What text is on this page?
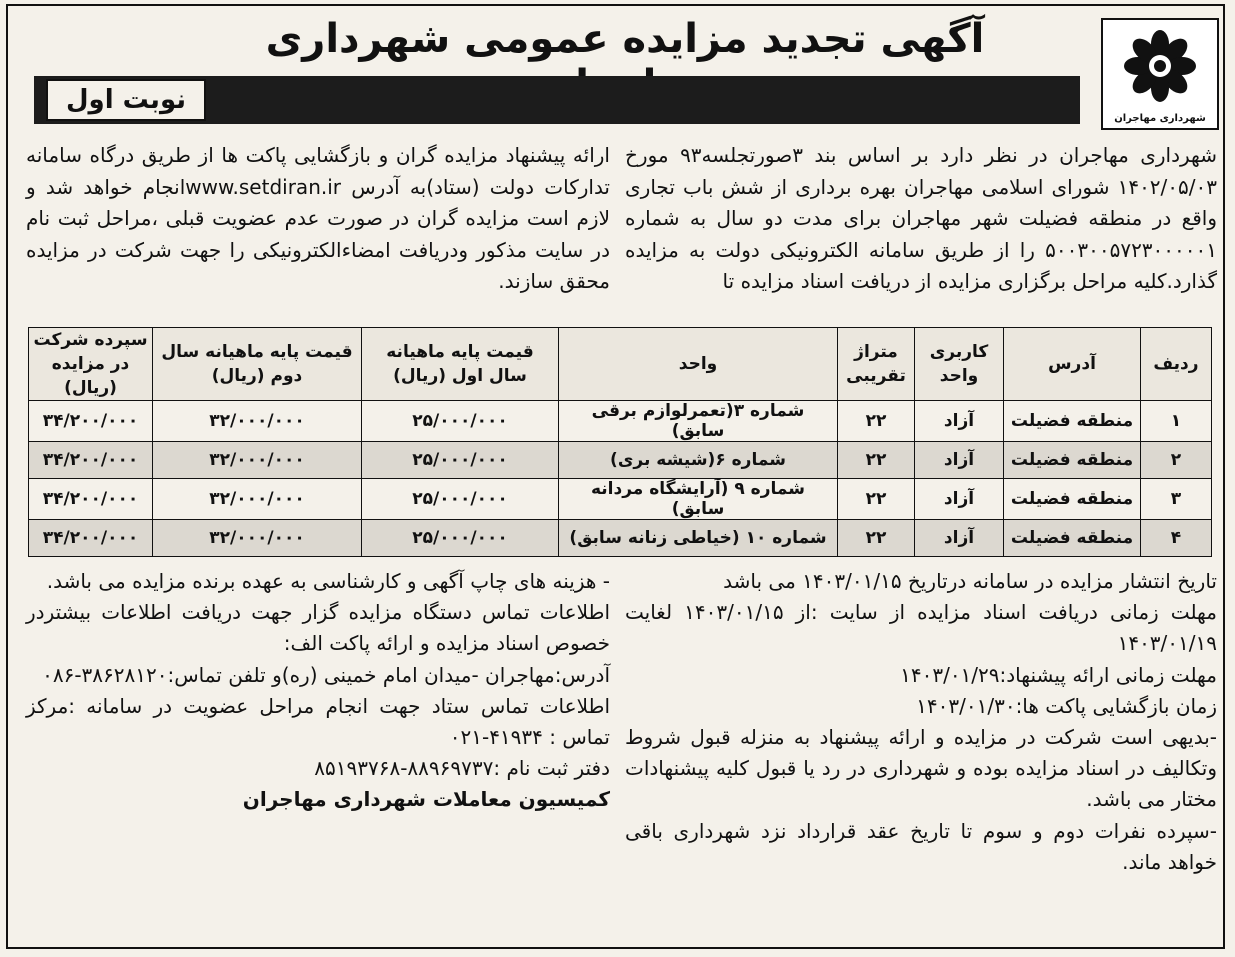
شهرداری مهاجران
آگهی تجدید مزایده عمومی شهرداری
نوبت اول

شهرداری مهاجران در نظر دارد بر اساس بند ۳صورتجلسه۹۳ مورخ ۱۴۰۲/۰۵/۰۳ شورای اسلامی مهاجران بهره برداری از شش باب تجاری واقع در منطقه فضیلت شهر مهاجران برای مدت دو سال به شماره ۵۰۰۳۰۰۵۷۲۳۰۰۰۰۰۱ را از طریق سامانه الکترونیکی دولت به مزایده گذارد.کلیه مراحل برگزاری مزایده از دریافت اسناد مزایده تا

ارائه پیشنهاد مزایده گران و بازگشایی پاکت ها از طریق درگاه سامانه تدارکات دولت (ستاد)به آدرس www.setdiran.irانجام خواهد شد و لازم است مزایده گران در صورت عدم عضویت قبلی ،مراحل ثبت نام در سایت مذکور ودریافت امضاءالکترونیکی را جهت شرکت در مزایده محقق سازند.

ردیف	آدرس	کاربری واحد	متراژ تقریبی	واحد	قیمت پایه ماهیانه سال اول (ریال)	قیمت پایه ماهیانه سال دوم (ریال)	سپرده شرکت در مزایده (ریال)
۱	منطقه فضیلت	آزاد	۲۲	شماره ۳(تعمرلوازم برقی سابق)	۲۵/۰۰۰/۰۰۰	۳۲/۰۰۰/۰۰۰	۳۴/۲۰۰/۰۰۰
۲	منطقه فضیلت	آزاد	۲۲	شماره ۶(شیشه بری)	۲۵/۰۰۰/۰۰۰	۳۲/۰۰۰/۰۰۰	۳۴/۲۰۰/۰۰۰
۳	منطقه فضیلت	آزاد	۲۲	شماره ۹ (آرایشگاه مردانه سابق)	۲۵/۰۰۰/۰۰۰	۳۲/۰۰۰/۰۰۰	۳۴/۲۰۰/۰۰۰
۴	منطقه فضیلت	آزاد	۲۲	شماره ۱۰ (خیاطی زنانه سابق)	۲۵/۰۰۰/۰۰۰	۳۲/۰۰۰/۰۰۰	۳۴/۲۰۰/۰۰۰

تاریخ انتشار مزایده در سامانه درتاریخ ۱۴۰۳/۰۱/۱۵ می باشد

مهلت زمانی دریافت اسناد مزایده از سایت :از ۱۴۰۳/۰۱/۱۵ لغایت ۱۴۰۳/۰۱/۱۹

مهلت زمانی ارائه پیشنهاد:۱۴۰۳/۰۱/۲۹

زمان بازگشایی پاکت ها:۱۴۰۳/۰۱/۳۰

-بدیهی است شرکت در مزایده و ارائه پیشنهاد به منزله قبول شروط وتکالیف در اسناد مزایده بوده و شهرداری در رد یا قبول کلیه پیشنهادات مختار می باشد.

-سپرده نفرات دوم و سوم تا تاریخ عقد قرارداد نزد شهرداری باقی خواهد ماند.

- هزینه های چاپ آگهی و کارشناسی به عهده برنده مزایده می باشد.

اطلاعات تماس دستگاه مزایده گزار جهت دریافت اطلاعات بیشتردر خصوص اسناد مزایده و ارائه پاکت الف:

آدرس:مهاجران -میدان امام خمینی (ره)و تلفن تماس:۳۸۶۲۸۱۲۰-۰۸۶

اطلاعات تماس ستاد جهت انجام مراحل عضویت در سامانه :مرکز تماس : ۴۱۹۳۴-۰۲۱

دفتر ثبت نام :۸۸۹۶۹۷۳۷-۸۵۱۹۳۷۶۸

کمیسیون معاملات شهرداری مهاجران
